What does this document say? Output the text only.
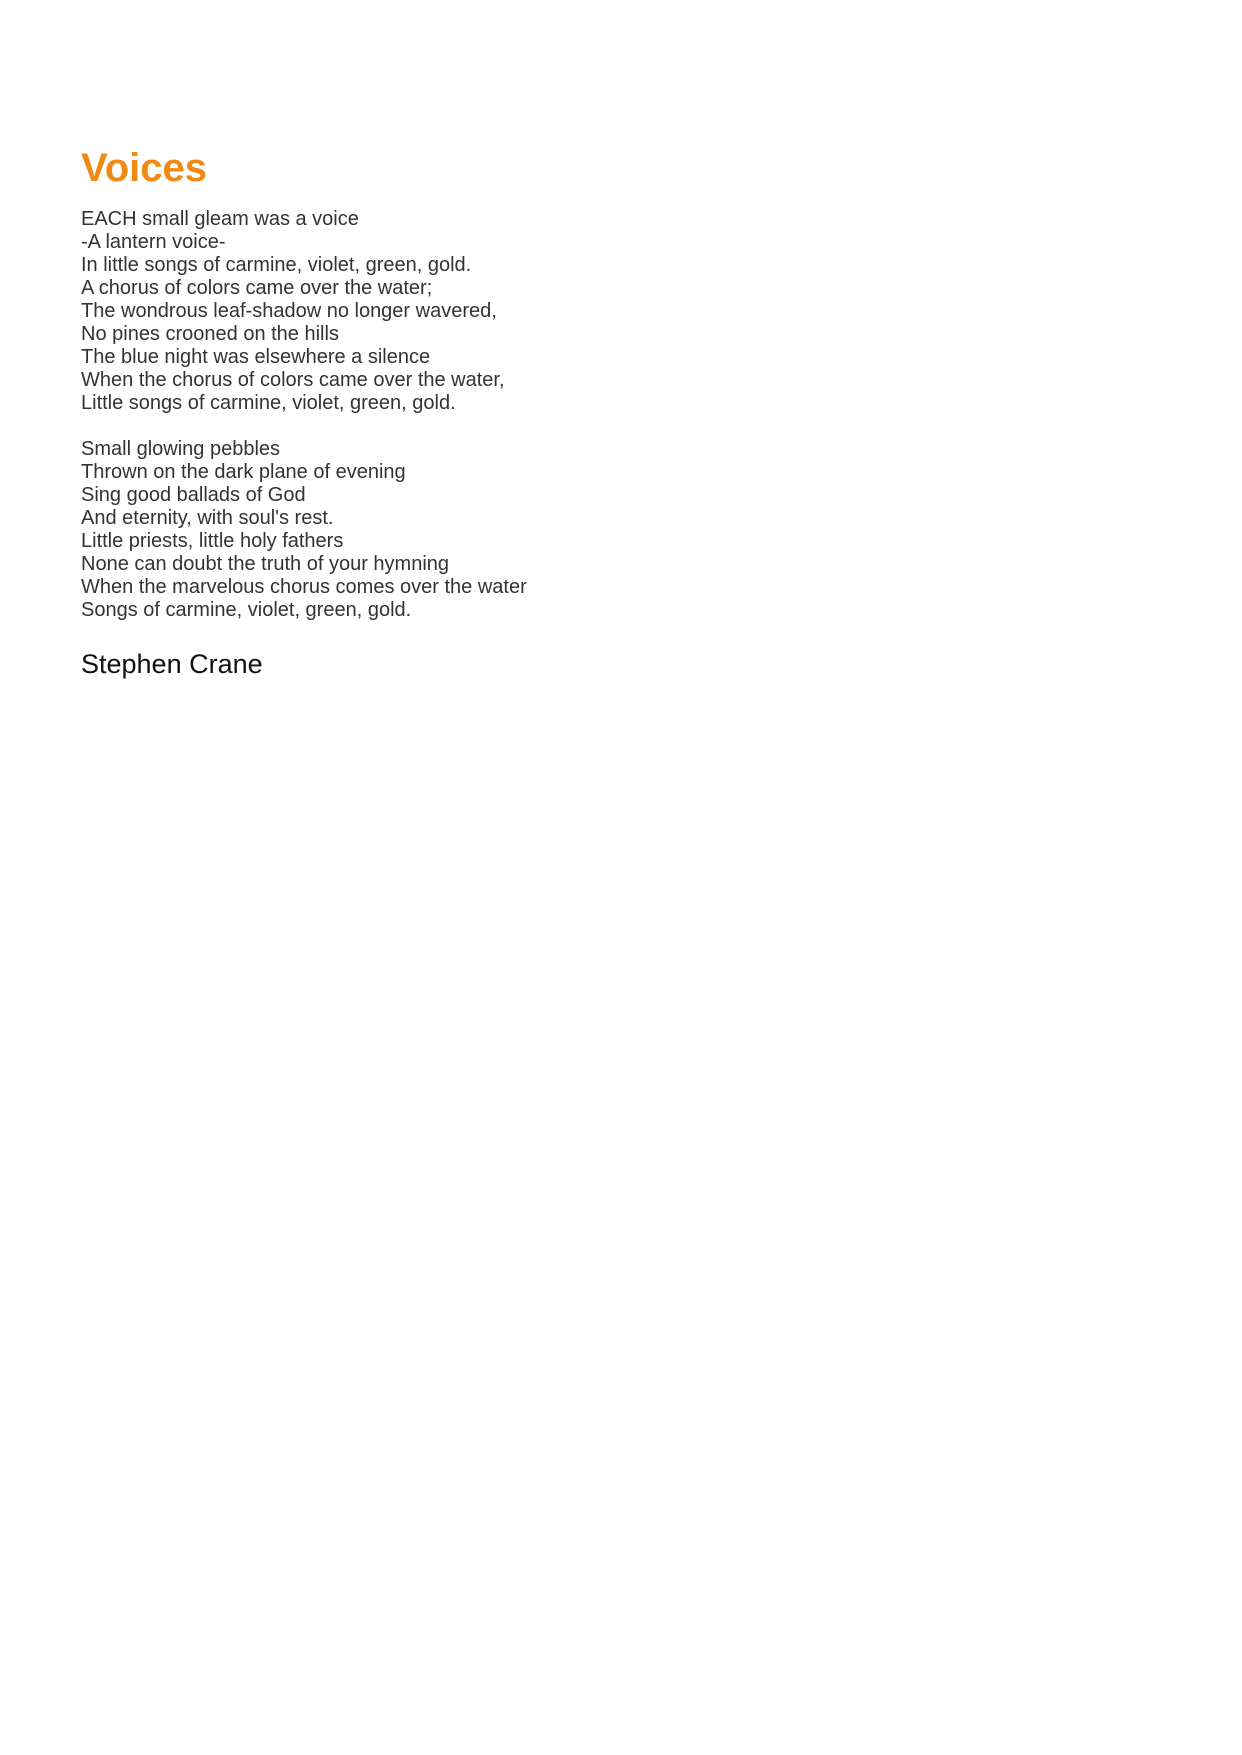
Voices
EACH small gleam was a voice
-A lantern voice-
In little songs of carmine, violet, green, gold.
A chorus of colors came over the water;
The wondrous leaf-shadow no longer wavered,
No pines crooned on the hills
The blue night was elsewhere a silence
When the chorus of colors came over the water,
Little songs of carmine, violet, green, gold.
Small glowing pebbles
Thrown on the dark plane of evening
Sing good ballads of God
And eternity, with soul's rest.
Little priests, little holy fathers
None can doubt the truth of your hymning
When the marvelous chorus comes over the water
Songs of carmine, violet, green, gold.
Stephen Crane
